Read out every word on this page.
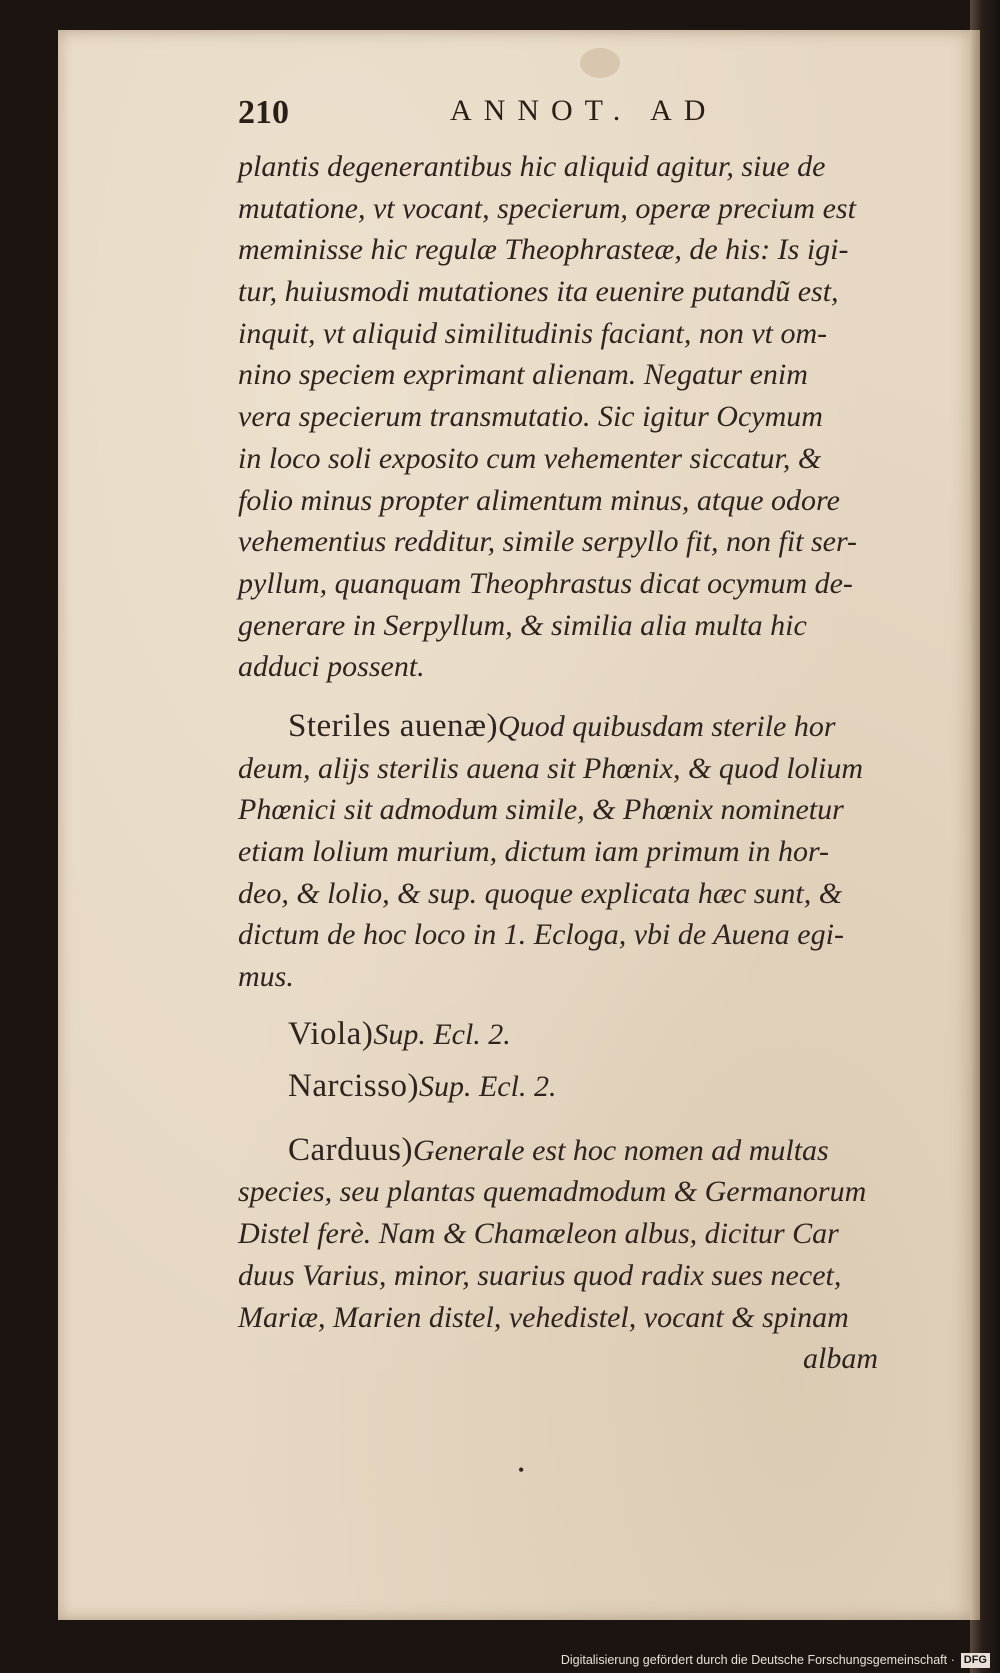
210	ANNOT. AD
plantis degenerantibus hic aliquid agitur, siue de
mutatione, vt vocant, specierum, operæ precium est
meminisse hic regulæ Theophrasteæ, de his: Is igi-
tur, huiusmodi mutationes ita euenire putandũ est,
inquit, vt aliquid similitudinis faciant, non vt om-
nino speciem exprimant alienam. Negatur enim
vera specierum transmutatio. Sic igitur Ocymum
in loco soli exposito cum vehementer siccatur, &
folio minus propter alimentum minus, atque odore
vehementius redditur, simile serpyllo fit, non fit ser-
pyllum, quanquam Theophrastus dicat ocymum de-
generare in Serpyllum, & similia alia multa hic
adduci possent.
Steriles auenæ)Quod quibusdam sterile hor
deum, alijs sterilis auena sit Phœnix, & quod lolium
Phœnici sit admodum simile, & Phœnix nominetur
etiam lolium murium, dictum iam primum in hor-
deo, & lolio, & sup. quoque explicata hæc sunt, &
dictum de hoc loco in 1. Ecloga, vbi de Auena egi-
mus.
Viola)Sup. Ecl. 2.
Narcisso)Sup. Ecl. 2.
Carduus)Generale est hoc nomen ad multas
species, seu plantas quemadmodum & Germanorum
Distel ferè. Nam & Chamæleon albus, dicitur Car
duus Varius, minor, suarius quod radix sues necet,
Mariæ, Marien distel, vehedistel, vocant & spinam
albam
•
Digitalisierung gefördert durch die Deutsche Forschungsgemeinschaft · DFG
